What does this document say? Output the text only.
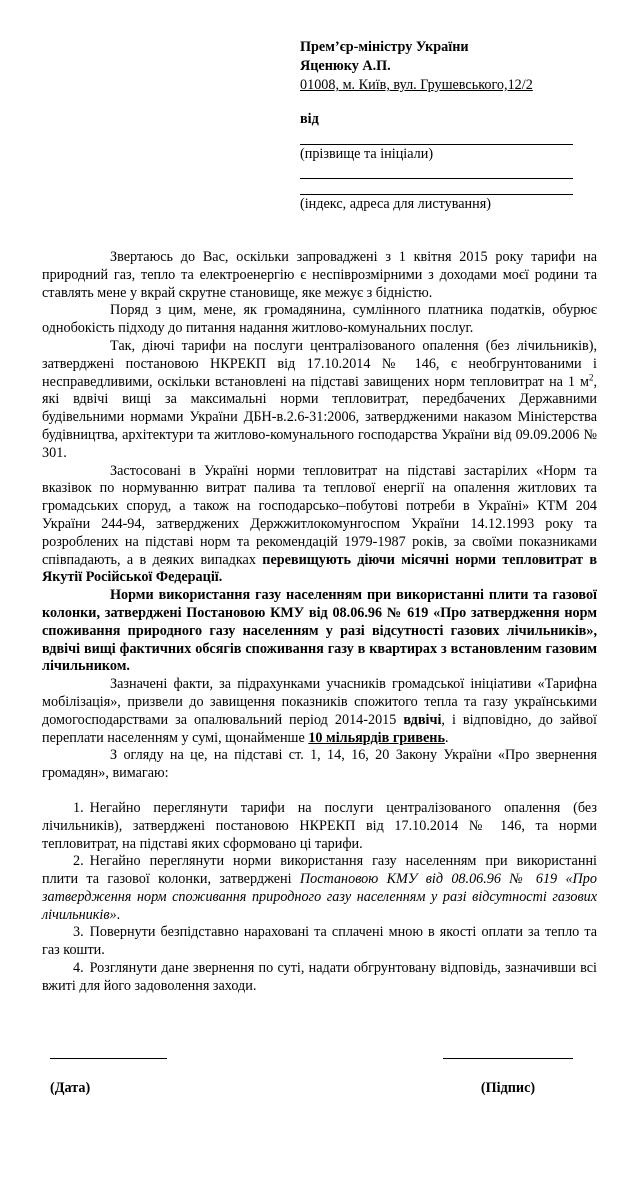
Прем’єр-міністру України
Яценюку А.П.
01008, м. Київ, вул. Грушевського,12/2
від
(прізвище та ініціали)
(індекс, адреса для листування)

Звертаюсь до Вас, оскільки запроваджені з 1 квітня 2015 року тарифи на природний газ, тепло та електроенергію є неспіврозмірними з доходами моєї родини та ставлять мене у вкрай скрутне становище, яке межує з бідністю.

Поряд з цим, мене, як громадянина, сумлінного платника податків, обурює однобокість підходу до питання надання житлово-комунальних послуг.

Так, діючі тарифи на послуги централізованого опалення (без лічильників), затверджені постановою НКРЕКП від 17.10.2014 № 146, є необгрунтованими і несправедливими, оскільки встановлені на підставі завищених норм тепловитрат на 1 $м^2$, які вдвічі вищі за максимальні норми тепловитрат, передбачених Державними будівельними нормами України ДБН-в.2.6-31:2006, затвердженими наказом Міністерства будівництва, архітектури та житлово-комунального господарства України від 09.09.2006 № 301.

Застосовані в Україні норми тепловитрат на підставі застарілих «Норм та вказівок по нормуванню витрат палива та теплової енергії на опалення житлових та громадських споруд, а також на господарсько–побутові потреби в Україні» КТМ 204 України 244-94, затверджених Держжитлокомунгоспом України 14.12.1993 року та розроблених на підставі норм та рекомендацій 1979-1987 років, за своїми показниками співпадають, а в деяких випадках перевищують діючи місячні норми тепловитрат в Якутії Російської Федерації.

Норми використання газу населенням при використанні плити та газової колонки, затверджені Постановою КМУ від 08.06.96 № 619 «Про затвердження норм споживання природного газу населенням у разі відсутності газових лічильників», вдвічі вищі фактичних обсягів споживання газу в квартирах з встановленим газовим лічильником.

Зазначені факти, за підрахунками учасників громадської ініціативи «Тарифна мобілізація», призвели до завищення показників спожитого тепла та газу українськими домогосподарствами за опалювальний період 2014-2015 вдвічі, і відповідно, до зайвої переплати населенням у сумі, щонайменше 10 мільярдів гривень.

З огляду на це, на підставі ст. 1, 14, 16, 20 Закону України «Про звернення громадян», вимагаю:

1. Негайно переглянути тарифи на послуги централізованого опалення (без лічильників), затверджені постановою НКРЕКП від 17.10.2014 № 146, та норми тепловитрат, на підставі яких сформовано ці тарифи.

2. Негайно переглянути норми використання газу населенням при використанні плити та газової колонки, затверджені Постановою КМУ від 08.06.96 № 619 «Про затвердження норм споживання природного газу населенням у разі відсутності газових лічильників».

3. Повернути безпідставно нараховані та сплачені мною в якості оплати за тепло та газ кошти.

4. Розглянути дане звернення по суті, надати обгрунтовану відповідь, зазначивши всі вжиті для його задоволення заходи.

(Дата)	(Підпис)
